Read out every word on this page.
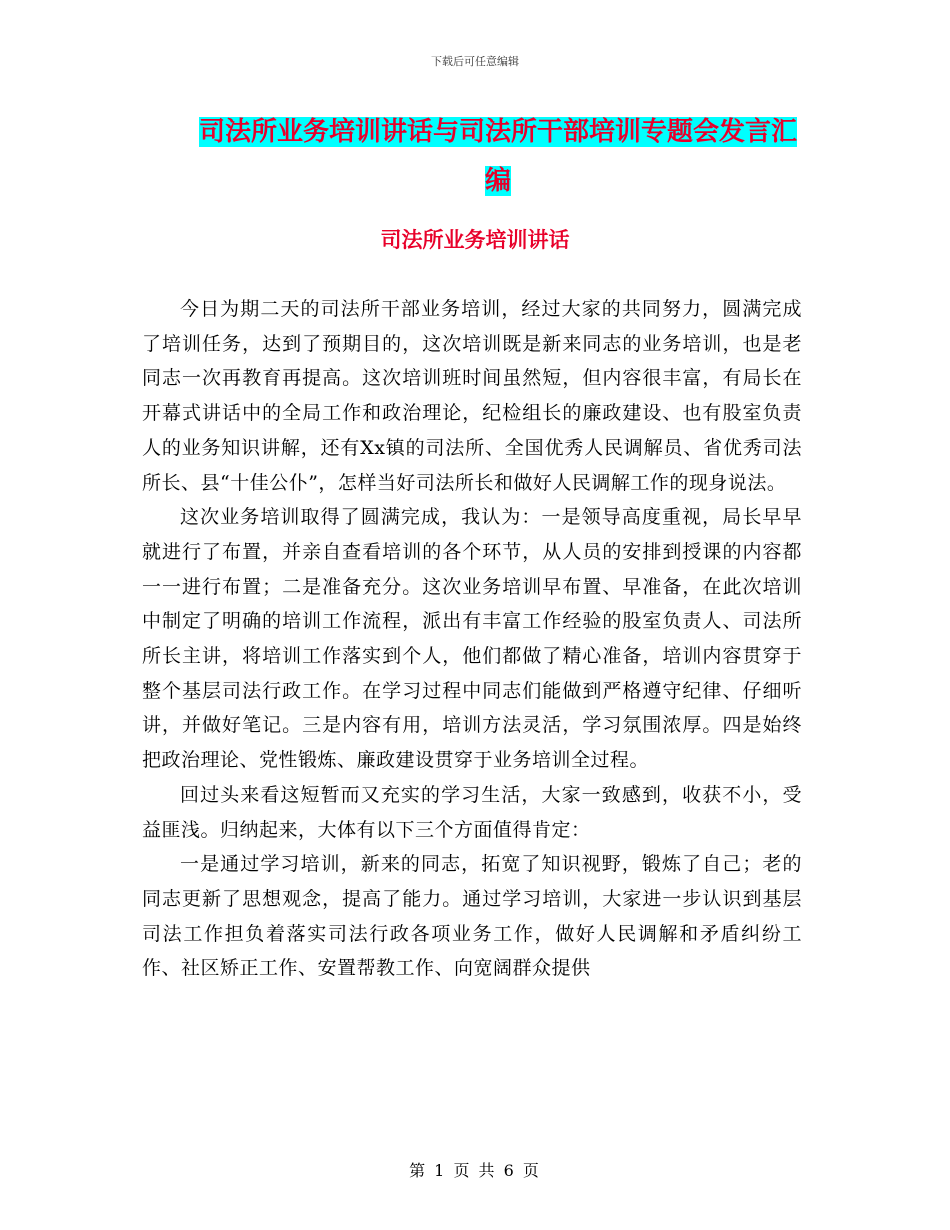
下载后可任意编辑
司法所业务培训讲话与司法所干部培训专题会发言汇编
司法所业务培训讲话

今日为期二天的司法所干部业务培训，经过大家的共同努力，圆满完成了培训任务，达到了预期目的，这次培训既是新来同志的业务培训，也是老同志一次再教育再提高。这次培训班时间虽然短，但内容很丰富，有局长在开幕式讲话中的全局工作和政治理论，纪检组长的廉政建设、也有股室负责人的业务知识讲解，还有Xx镇的司法所、全国优秀人民调解员、省优秀司法所长、县“十佳公仆”，怎样当好司法所长和做好人民调解工作的现身说法。

这次业务培训取得了圆满完成，我认为：一是领导高度重视，局长早早就进行了布置，并亲自查看培训的各个环节，从人员的安排到授课的内容都一一进行布置；二是准备充分。这次业务培训早布置、早准备，在此次培训中制定了明确的培训工作流程，派出有丰富工作经验的股室负责人、司法所所长主讲，将培训工作落实到个人，他们都做了精心准备，培训内容贯穿于整个基层司法行政工作。在学习过程中同志们能做到严格遵守纪律、仔细听讲，并做好笔记。三是内容有用，培训方法灵活，学习氛围浓厚。四是始终把政治理论、党性锻炼、廉政建设贯穿于业务培训全过程。

回过头来看这短暂而又充实的学习生活，大家一致感到，收获不小，受益匪浅。归纳起来，大体有以下三个方面值得肯定：

一是通过学习培训，新来的同志，拓宽了知识视野，锻炼了自己；老的同志更新了思想观念，提高了能力。通过学习培训，大家进一步认识到基层司法工作担负着落实司法行政各项业务工作，做好人民调解和矛盾纠纷工作、社区矫正工作、安置帮教工作、向宽阔群众提供

第 1 页 共 6 页
